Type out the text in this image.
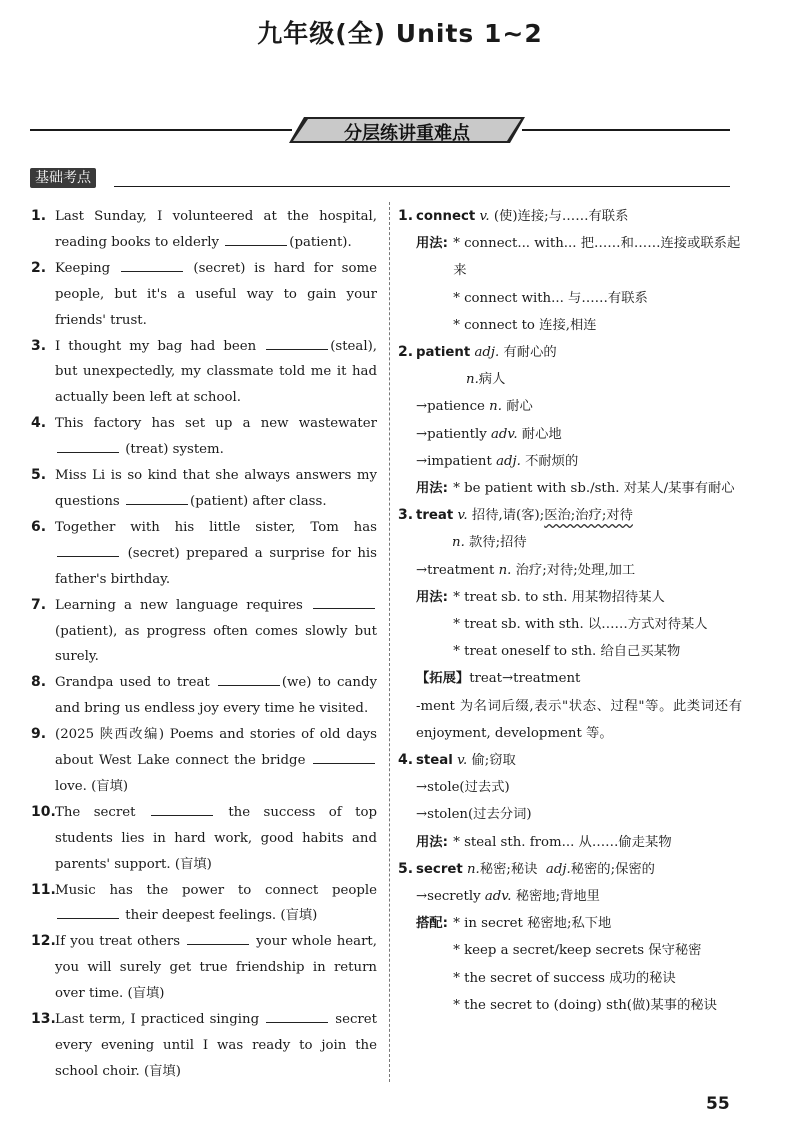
九年级(全) Units 1~2
分层练讲重难点
基础考点
1. Last Sunday, I volunteered at the hospital, reading books to elderly	(patient).
2. Keeping	(secret) is hard for some people, but it's a useful way to gain your friends' trust.
3. I thought my bag had been	(steal), but unexpectedly, my classmate told me it had actually been left at school.
4. This factory has set up a new wastewater  (treat) system.
5. Miss Li is so kind that she always answers my questions	(patient) after class.
6. Together with his little sister, Tom has  (secret) prepared a surprise for his father's birthday.
7. Learning a new language requires  (patient), as progress often comes slowly but surely.
8. Grandpa used to treat	(we) to candy and bring us endless joy every time he visited.
9. (2025 陕西改编) Poems and stories of old days about West Lake connect the bridge  love. (盲填)
10. The secret	the success of top students lies in hard work, good habits and parents' support. (盲填)
11. Music has the power to connect people  their deepest feelings. (盲填)
12. If you treat others	your whole heart, you will surely get true friendship in return over time. (盲填)
13. Last term, I practiced singing	secret every evening until I was ready to join the school choir. (盲填)
1. connect v. (使)连接;与……有联系
用法: * connect... with... 把……和……连接或联系起来
* connect with... 与……有联系
* connect to 连接,相连
2. patient adj. 有耐心的
n.病人
→patience n. 耐心
→patiently adv. 耐心地
→impatient adj. 不耐烦的
用法: * be patient with sb./sth. 对某人/某事有耐心
3. treat v. 招待,请(客);医治;治疗;对待
n. 款待;招待
→treatment n. 治疗;对待;处理,加工
用法: * treat sb. to sth. 用某物招待某人
* treat sb. with sth. 以……方式对待某人
* treat oneself to sth. 给自己买某物
【拓展】treat→treatment
-ment 为名词后缀,表示"状态、过程"等。此类词还有 enjoyment, development 等。
4. steal v. 偷;窃取
→stole(过去式)
→stolen(过去分词)
用法: * steal sth. from... 从……偷走某物
5. secret n.秘密;秘诀 adj.秘密的;保密的
→secretly adv. 秘密地;背地里
搭配: * in secret 秘密地;私下地
* keep a secret/keep secrets 保守秘密
* the secret of success 成功的秘诀
* the secret to (doing) sth(做)某事的秘诀
55
